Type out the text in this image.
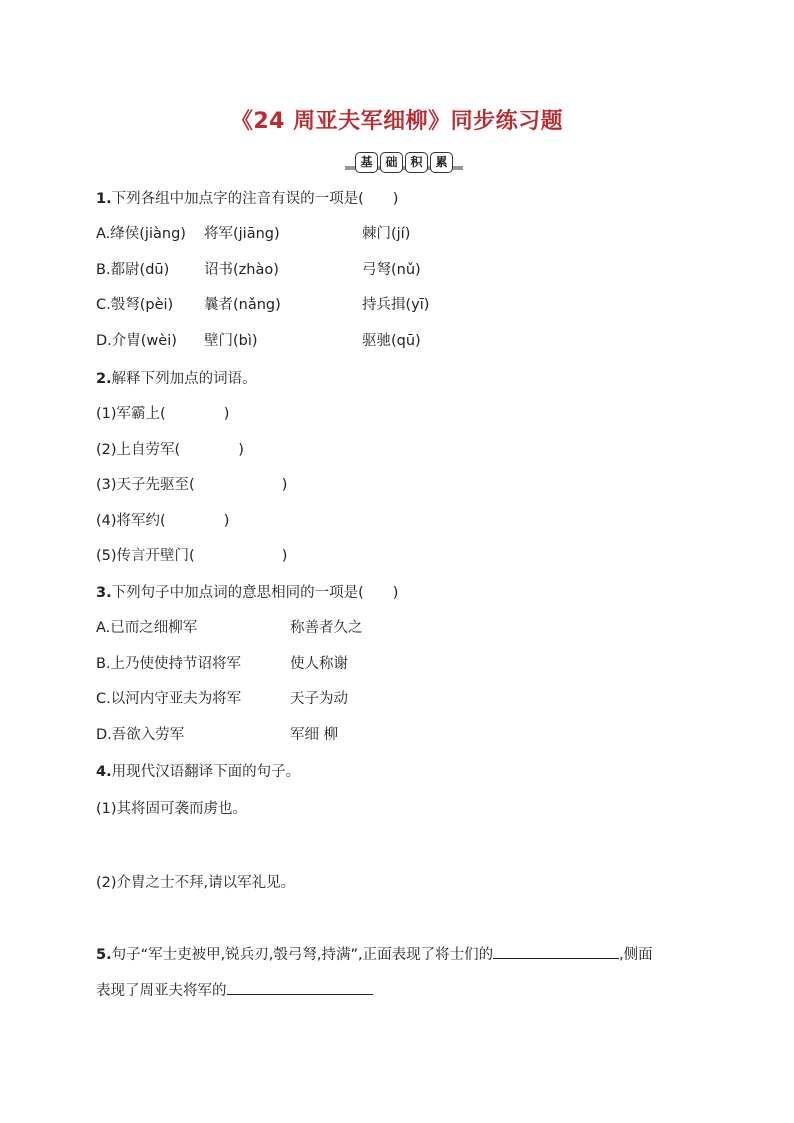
《24 周亚夫军细柳》同步练习题
基	础	积	累
1.下列各组中加点字的注音有误的一项是(　　)
A.绛侯(jiàng) 将军(jiāng)	棘门(jí)
B.都尉(dū) 诏书(zhào)	弓弩(nǔ)
C.彀弩(pèi) 曩者(nǎng)	持兵揖(yī)
D.介胄(wèi) 壁门(bì)	驱驰(qū)
2.解释下列加点的词语。
(1)军霸上(　　　　)
(2)上自劳军(　　　　)
(3)天子先驱至(　　　　　　)
(4)将军约(　　　　)
(5)传言开壁门(　　　　　　)
3.下列句子中加点词的意思相同的一项是(　　)
A.已而之细柳军	称善者久之
B.上乃使使持节诏将军	使人称谢
C.以河内守亚夫为将军	天子为动
D.吾欲入劳军	军细 柳
4.用现代汉语翻译下面的句子。
(1)其将固可袭而虏也。
(2)介胄之士不拜,请以军礼见。
5.句子“军士吏被甲,锐兵刃,彀弓弩,持满”,正面表现了将士们的	,侧面
表现了周亚夫将军的
